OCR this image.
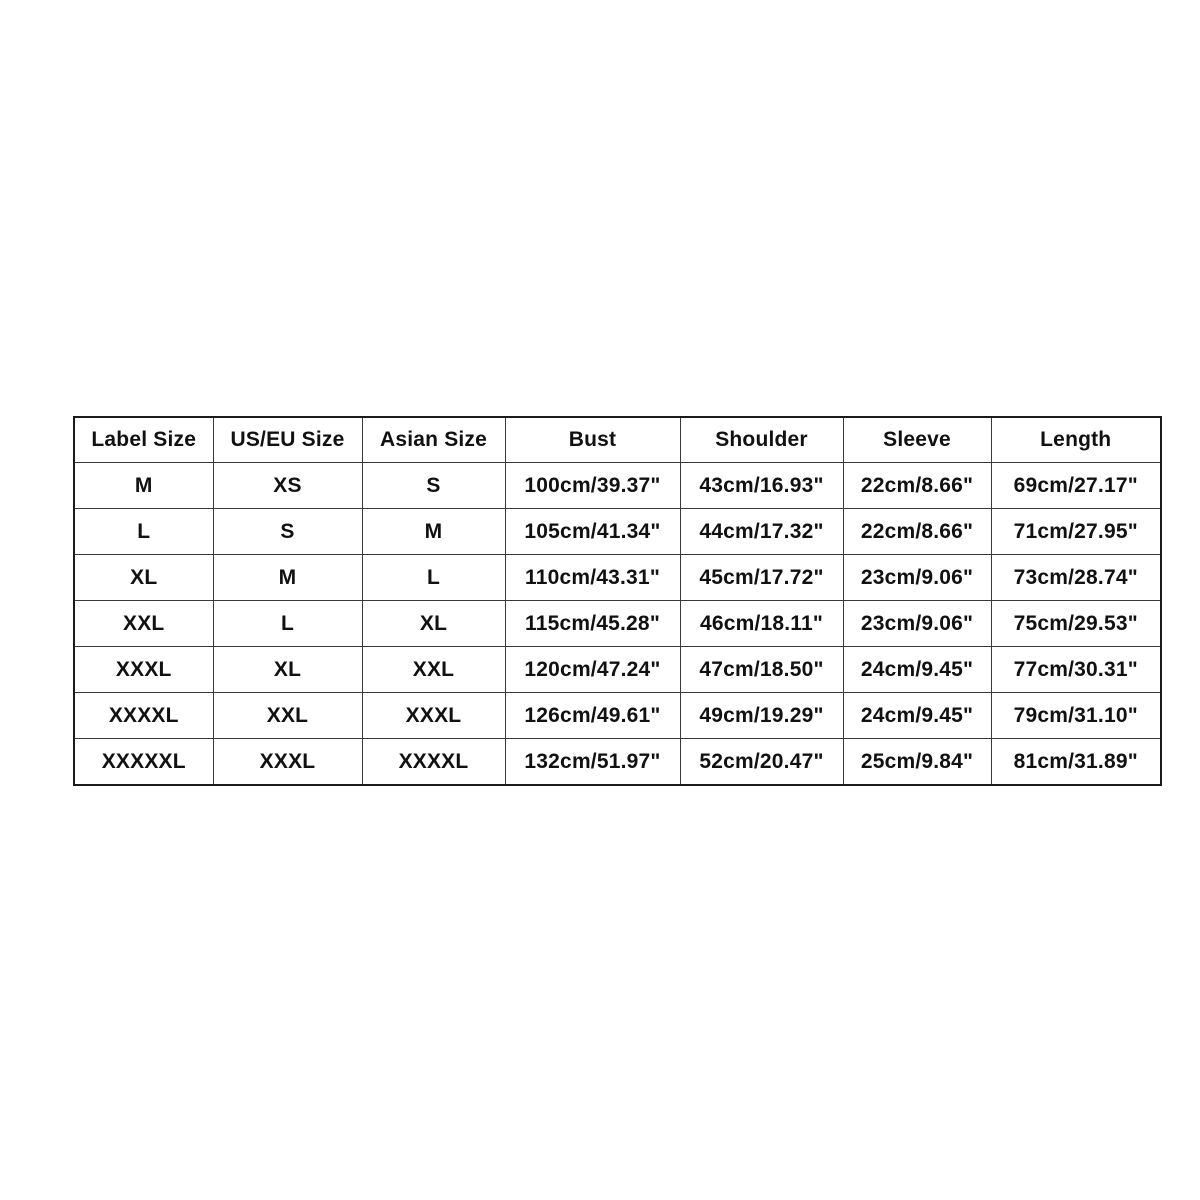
Label Size	US/EU Size	Asian Size	Bust	Shoulder	Sleeve	Length
M	XS	S	100cm/39.37"	43cm/16.93"	22cm/8.66"	69cm/27.17"
L	S	M	105cm/41.34"	44cm/17.32"	22cm/8.66"	71cm/27.95"
XL	M	L	110cm/43.31"	45cm/17.72"	23cm/9.06"	73cm/28.74"
XXL	L	XL	115cm/45.28"	46cm/18.11"	23cm/9.06"	75cm/29.53"
XXXL	XL	XXL	120cm/47.24"	47cm/18.50"	24cm/9.45"	77cm/30.31"
XXXXL	XXL	XXXL	126cm/49.61"	49cm/19.29"	24cm/9.45"	79cm/31.10"
XXXXXL	XXXL	XXXXL	132cm/51.97"	52cm/20.47"	25cm/9.84"	81cm/31.89"
